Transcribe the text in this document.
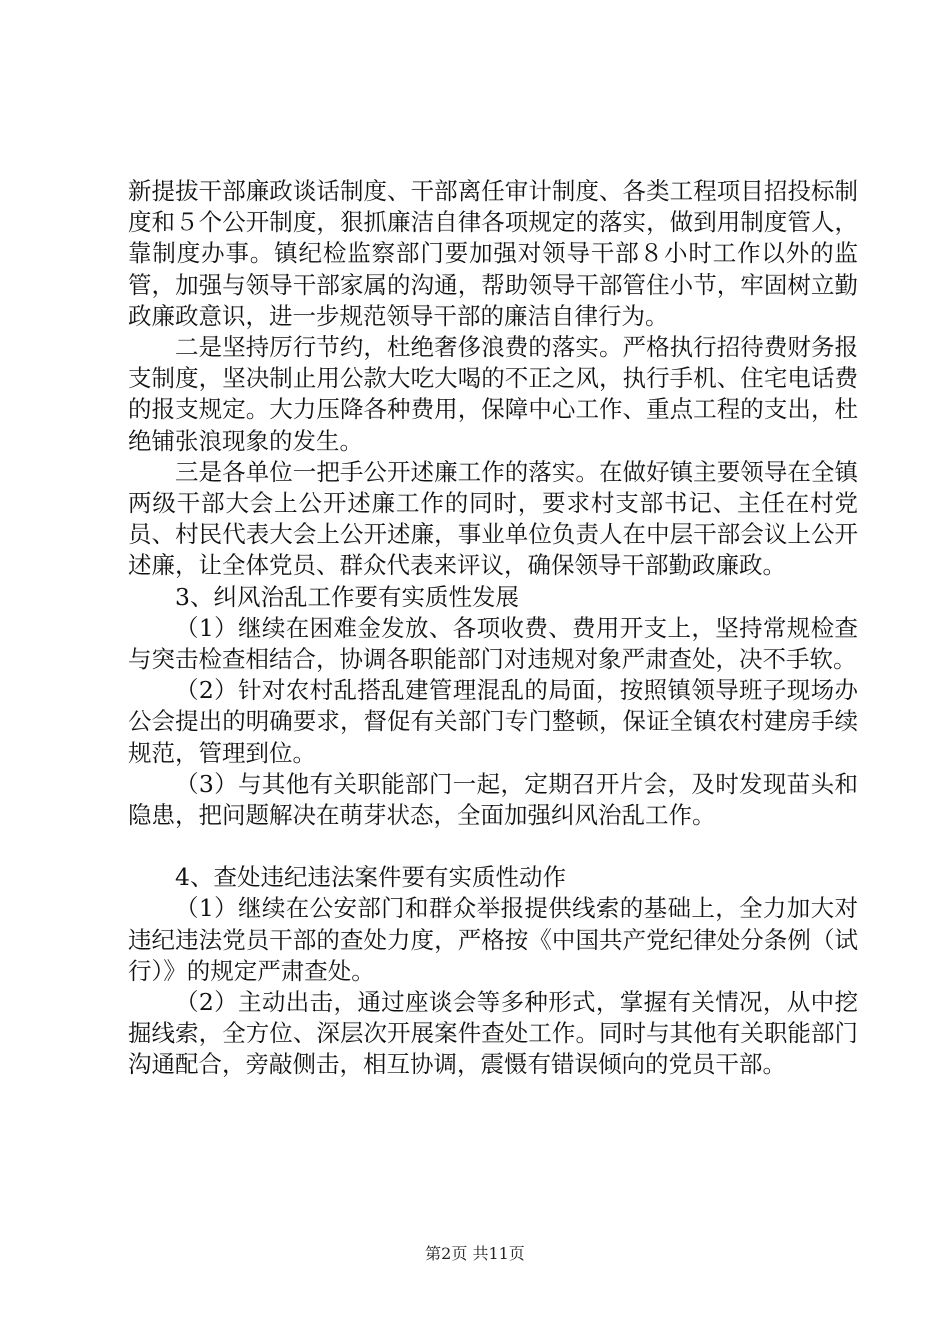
新提拔干部廉政谈话制度、干部离任审计制度、各类工程项目招投标制度和５个公开制度，狠抓廉洁自律各项规定的落实，做到用制度管人，靠制度办事。镇纪检监察部门要加强对领导干部８小时工作以外的监管，加强与领导干部家属的沟通，帮助领导干部管住小节，牢固树立勤政廉政意识，进一步规范领导干部的廉洁自律行为。

二是坚持厉行节约，杜绝奢侈浪费的落实。严格执行招待费财务报支制度，坚决制止用公款大吃大喝的不正之风，执行手机、住宅电话费的报支规定。大力压降各种费用，保障中心工作、重点工程的支出，杜绝铺张浪现象的发生。

三是各单位一把手公开述廉工作的落实。在做好镇主要领导在全镇两级干部大会上公开述廉工作的同时，要求村支部书记、主任在村党员、村民代表大会上公开述廉，事业单位负责人在中层干部会议上公开述廉，让全体党员、群众代表来评议，确保领导干部勤政廉政。

3、纠风治乱工作要有实质性发展

（1）继续在困难金发放、各项收费、费用开支上，坚持常规检查与突击检查相结合，协调各职能部门对违规对象严肃查处，决不手软。

（2）针对农村乱搭乱建管理混乱的局面，按照镇领导班子现场办公会提出的明确要求，督促有关部门专门整顿，保证全镇农村建房手续规范，管理到位。

（3）与其他有关职能部门一起，定期召开片会，及时发现苗头和隐患，把问题解决在萌芽状态，全面加强纠风治乱工作。

4、查处违纪违法案件要有实质性动作

（1）继续在公安部门和群众举报提供线索的基础上，全力加大对违纪违法党员干部的查处力度，严格按《中国共产党纪律处分条例（试行）》的规定严肃查处。

（2）主动出击，通过座谈会等多种形式，掌握有关情况，从中挖掘线索，全方位、深层次开展案件查处工作。同时与其他有关职能部门沟通配合，旁敲侧击，相互协调，震慑有错误倾向的党员干部。

第2页 共11页
